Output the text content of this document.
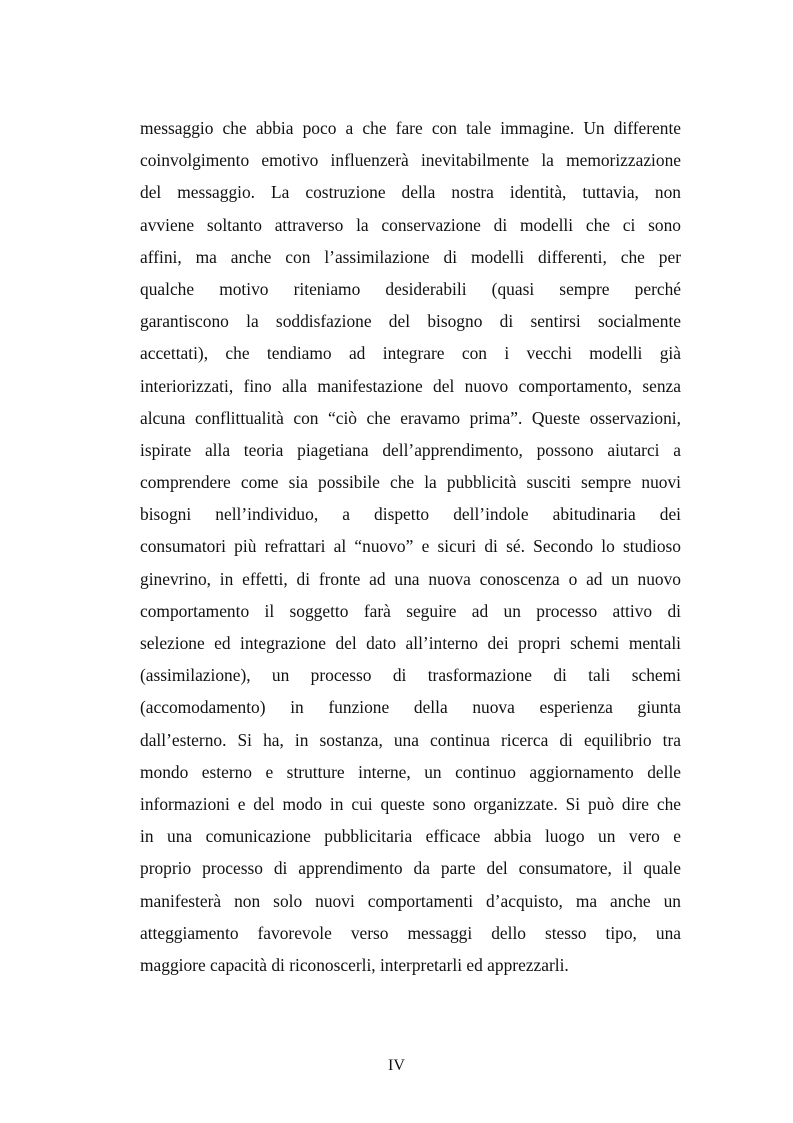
messaggio che abbia poco a che fare con tale immagine. Un differente
coinvolgimento emotivo influenzerà inevitabilmente la memorizzazione
del messaggio. La costruzione della nostra identità, tuttavia, non
avviene soltanto attraverso la conservazione di modelli che ci sono
affini, ma anche con l’assimilazione di modelli differenti, che per
qualche motivo riteniamo desiderabili (quasi sempre perché
garantiscono la soddisfazione del bisogno di sentirsi socialmente
accettati), che tendiamo ad integrare con i vecchi modelli già
interiorizzati, fino alla manifestazione del nuovo comportamento, senza
alcuna conflittualità con “ciò che eravamo prima”. Queste osservazioni,
ispirate alla teoria piagetiana dell’apprendimento, possono aiutarci a
comprendere come sia possibile che la pubblicità susciti sempre nuovi
bisogni nell’individuo, a dispetto dell’indole abitudinaria dei
consumatori più refrattari al “nuovo” e sicuri di sé. Secondo lo studioso
ginevrino, in effetti, di fronte ad una nuova conoscenza o ad un nuovo
comportamento il soggetto farà seguire ad un processo attivo di
selezione ed integrazione del dato all’interno dei propri schemi mentali
(assimilazione), un processo di trasformazione di tali schemi
(accomodamento) in funzione della nuova esperienza giunta
dall’esterno. Si ha, in sostanza, una continua ricerca di equilibrio tra
mondo esterno e strutture interne, un continuo aggiornamento delle
informazioni e del modo in cui queste sono organizzate. Si può dire che
in una comunicazione pubblicitaria efficace abbia luogo un vero e
proprio processo di apprendimento da parte del consumatore, il quale
manifesterà non solo nuovi comportamenti d’acquisto, ma anche un
atteggiamento favorevole verso messaggi dello stesso tipo, una
maggiore capacità di riconoscerli, interpretarli ed apprezzarli.
IV
